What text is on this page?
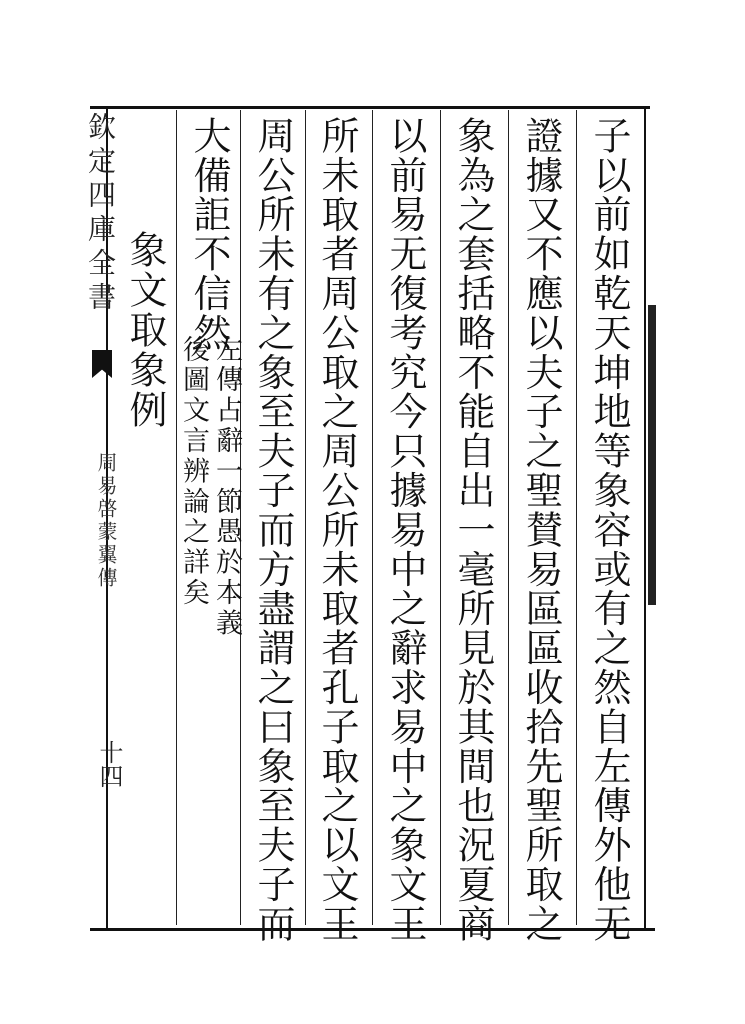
欽定四庫全書
周易啓蒙翼傳
十四	子以前如乾天坤地等象容或有之然自左傳外他无
證據又不應以夫子之聖賛易區區收拾先聖所取之
象為之套括略不能自出一毫所見於其間也況夏商
以前易无復考究今只據易中之辭求易中之象文王
所未取者周公取之周公所未取者孔子取之以文王
周公所未有之象至夫子而方盡謂之曰象至夫子而
大備詎不信然
左傳占辭一節愚於本義
後圖文言辨論之詳矣
象文取象例
